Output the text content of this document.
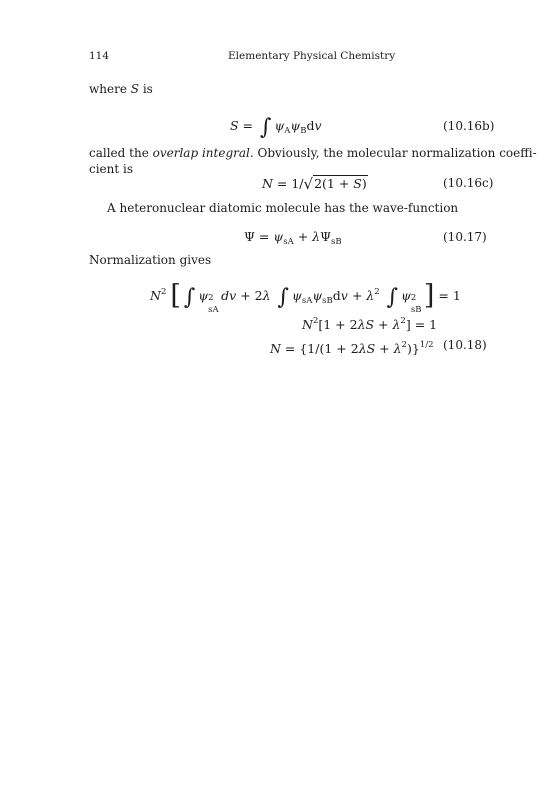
114	Elementary Physical Chemistry
where S is
S = ∫ $\psi_A\psi_Bdv$	(10.16b)
called the overlap integral. Obviously, the molecular normalization coeffi-
cient is
N = 1/√2(1 + S)	(10.16c)
A heteronuclear diatomic molecule has the wave-function
$\Psi = \psi_{sA} + \lambda\Psi_{sB}$	(10.17)
Normalization gives
$N^2$ [ ∫ ψ 2
sA
dv + 2λ ∫ $\psi_{sA}\psi_{sB}dv + \lambda^2$ ∫ ψ 2
sB ] = 1
$N^2[1 + 2\lambda S + \lambda^2] = 1$
$N = \{1/(1 + 2\lambda S + \lambda^2)\}^{1/2}$ (10.18)
